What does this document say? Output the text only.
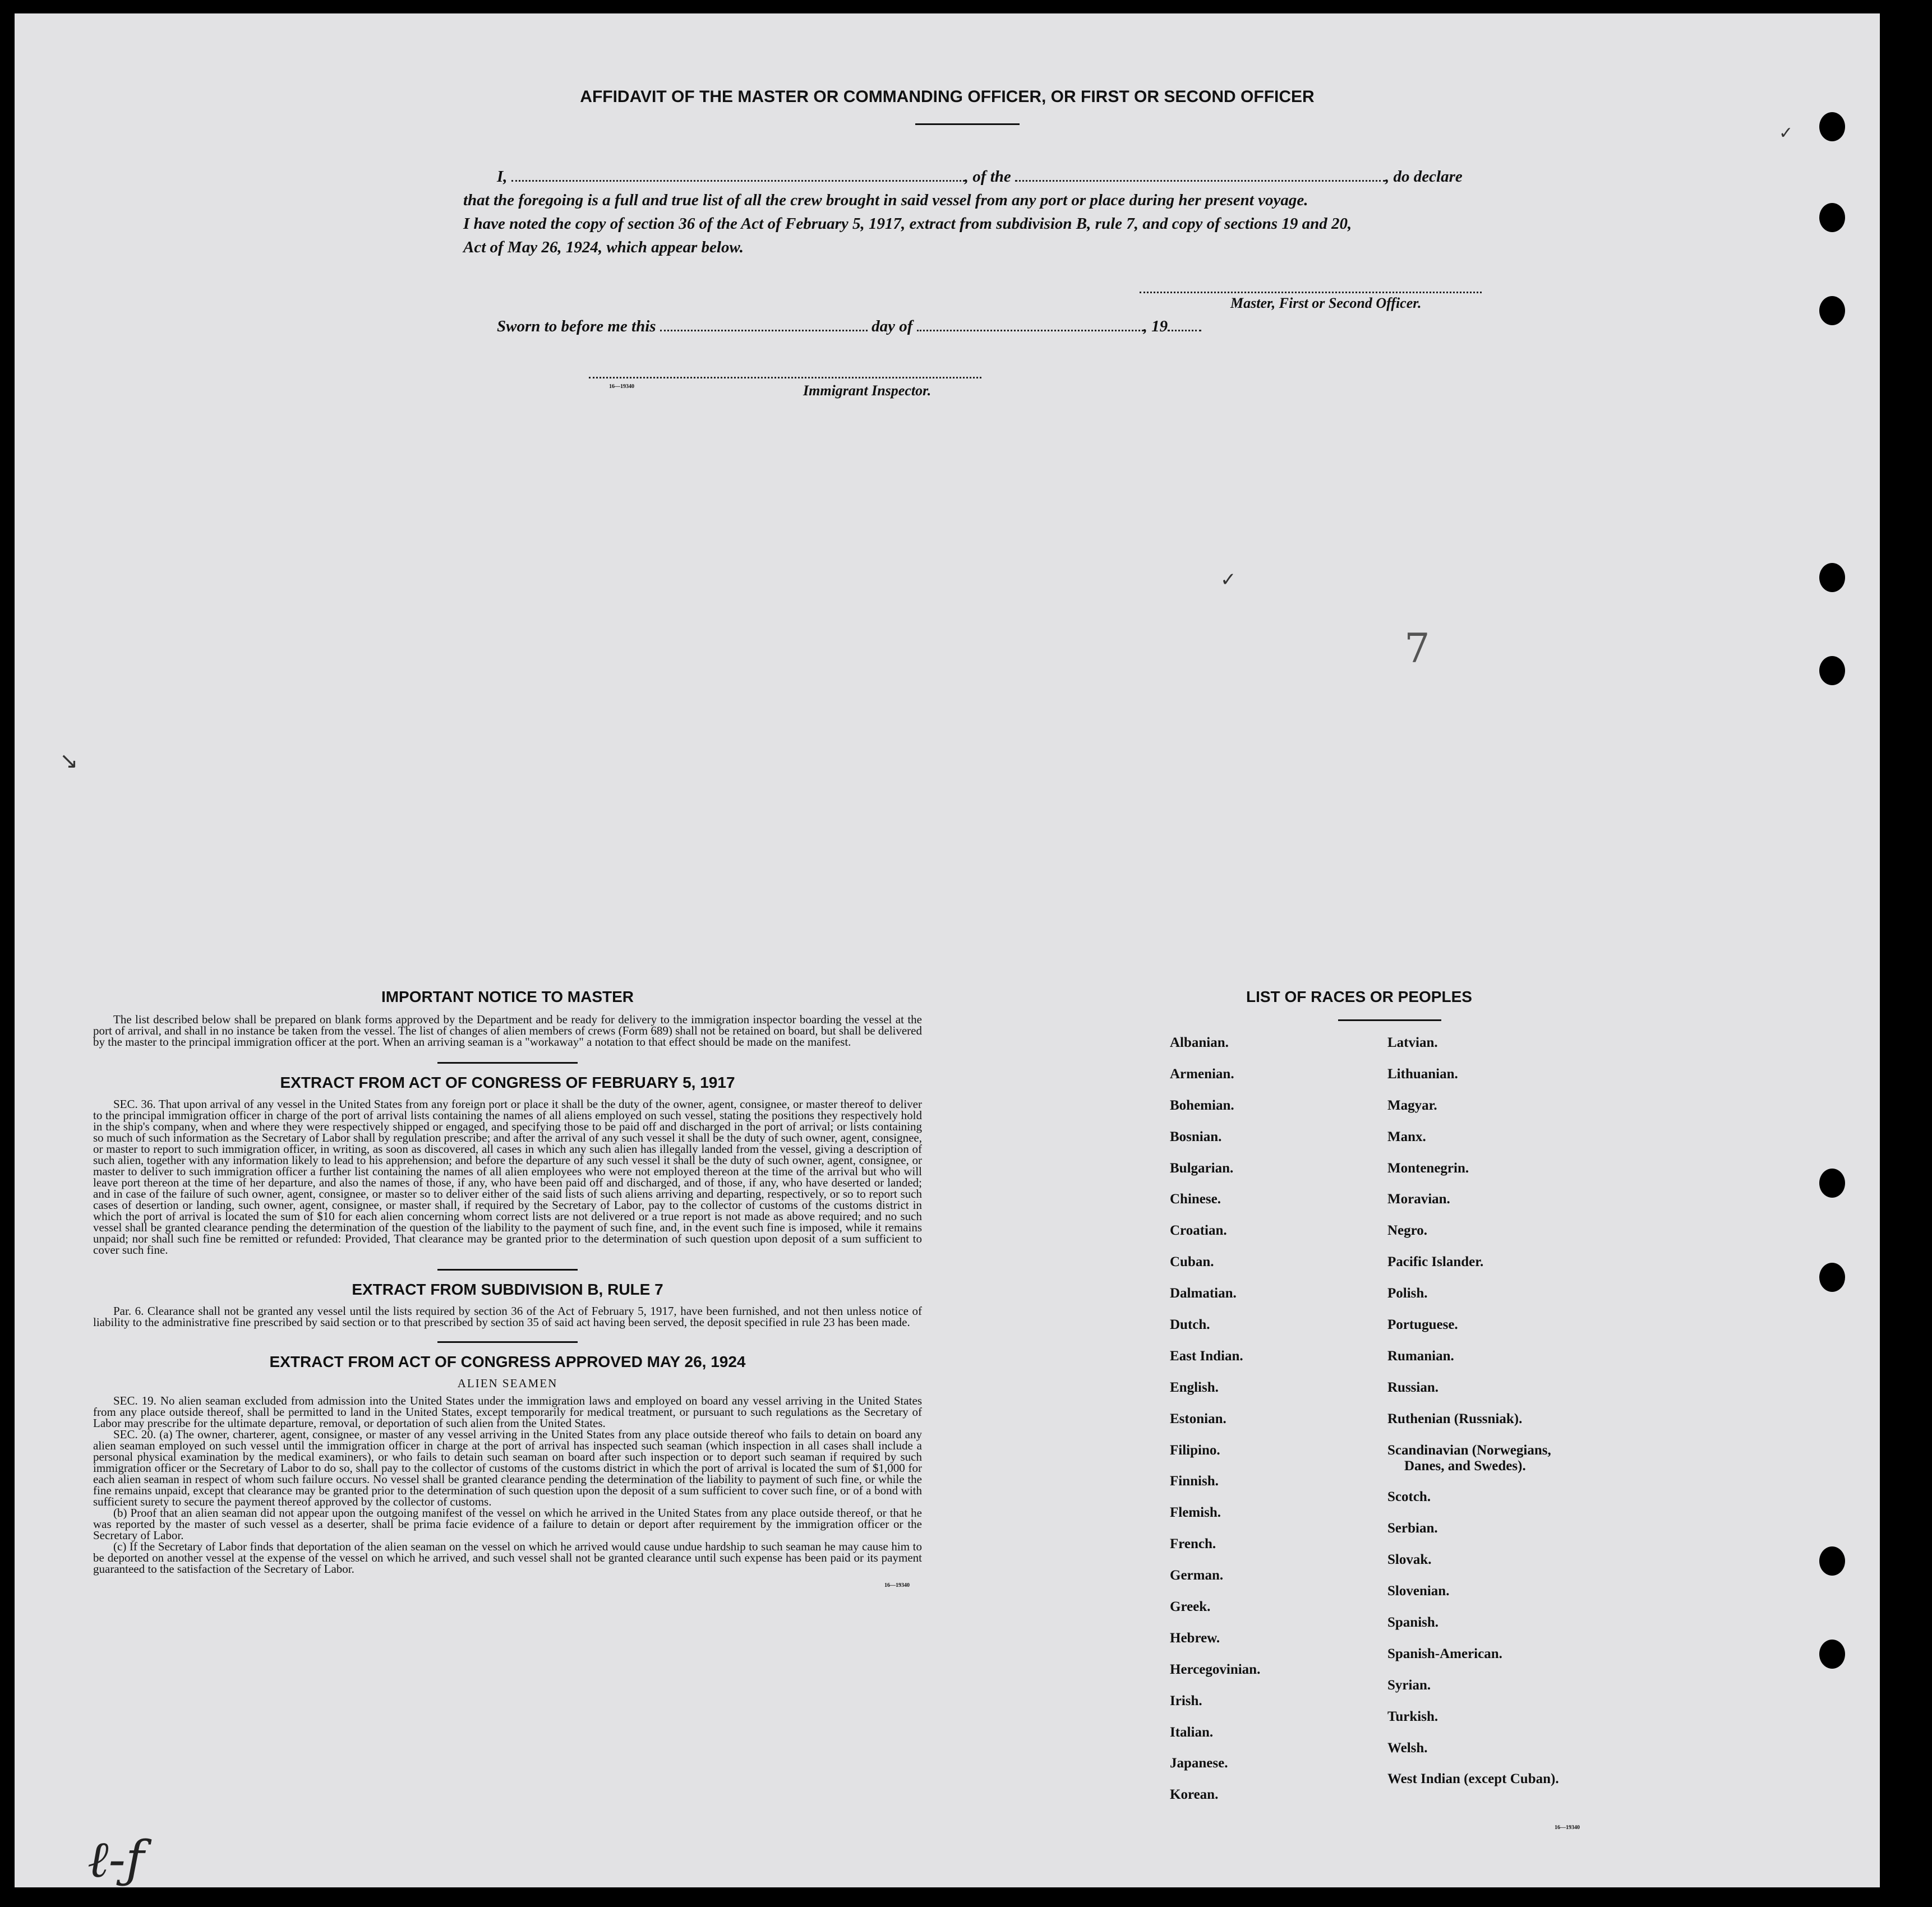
AFFIDAVIT OF THE MASTER OR COMMANDING OFFICER, OR FIRST OR SECOND OFFICER
I,	, of the	, do declare
that the foregoing is a full and true list of all the crew brought in said vessel from any port or place during her present voyage.
I have noted the copy of section 36 of the Act of February 5, 1917, extract from subdivision B, rule 7, and copy of sections 19 and 20,
Act of May 26, 1924, which appear below.
Master, First or Second Officer.
Sworn to before me this	day of	, 19
16—19340	Immigrant Inspector.
IMPORTANT NOTICE TO MASTER
The list described below shall be prepared on blank forms approved by the Department and be ready for delivery to the immigration inspector boarding the vessel at the port of arrival, and shall in no instance be taken from the vessel. The list of changes of alien members of crews (Form 689) shall not be retained on board, but shall be delivered by the master to the principal immigration officer at the port. When an arriving seaman is a "workaway" a notation to that effect should be made on the manifest.
EXTRACT FROM ACT OF CONGRESS OF FEBRUARY 5, 1917
SEC. 36. That upon arrival of any vessel in the United States from any foreign port or place it shall be the duty of the owner, agent, consignee, or master thereof to deliver to the principal immigration officer in charge of the port of arrival lists containing the names of all aliens employed on such vessel, stating the positions they respectively hold in the ship's company, when and where they were respectively shipped or engaged, and specifying those to be paid off and discharged in the port of arrival; or lists containing so much of such information as the Secretary of Labor shall by regulation prescribe; and after the arrival of any such vessel it shall be the duty of such owner, agent, consignee, or master to report to such immigration officer, in writing, as soon as discovered, all cases in which any such alien has illegally landed from the vessel, giving a description of such alien, together with any information likely to lead to his apprehension; and before the departure of any such vessel it shall be the duty of such owner, agent, consignee, or master to deliver to such immigration officer a further list containing the names of all alien employees who were not employed thereon at the time of the arrival but who will leave port thereon at the time of her departure, and also the names of those, if any, who have been paid off and discharged, and of those, if any, who have deserted or landed; and in case of the failure of such owner, agent, consignee, or master so to deliver either of the said lists of such aliens arriving and departing, respectively, or so to report such cases of desertion or landing, such owner, agent, consignee, or master shall, if required by the Secretary of Labor, pay to the collector of customs of the customs district in which the port of arrival is located the sum of $10 for each alien concerning whom correct lists are not delivered or a true report is not made as above required; and no such vessel shall be granted clearance pending the determination of the question of the liability to the payment of such fine, and, in the event such fine is imposed, while it remains unpaid; nor shall such fine be remitted or refunded: Provided, That clearance may be granted prior to the determination of such question upon deposit of a sum sufficient to cover such fine.
EXTRACT FROM SUBDIVISION B, RULE 7
Par. 6. Clearance shall not be granted any vessel until the lists required by section 36 of the Act of February 5, 1917, have been furnished, and not then unless notice of liability to the administrative fine prescribed by said section or to that prescribed by section 35 of said act having been served, the deposit specified in rule 23 has been made.
EXTRACT FROM ACT OF CONGRESS APPROVED MAY 26, 1924
ALIEN SEAMEN
SEC. 19. No alien seaman excluded from admission into the United States under the immigration laws and employed on board any vessel arriving in the United States from any place outside thereof, shall be permitted to land in the United States, except temporarily for medical treatment, or pursuant to such regulations as the Secretary of Labor may prescribe for the ultimate departure, removal, or deportation of such alien from the United States.
SEC. 20. (a) The owner, charterer, agent, consignee, or master of any vessel arriving in the United States from any place outside thereof who fails to detain on board any alien seaman employed on such vessel until the immigration officer in charge at the port of arrival has inspected such seaman (which inspection in all cases shall include a personal physical examination by the medical examiners), or who fails to detain such seaman on board after such inspection or to deport such seaman if required by such immigration officer or the Secretary of Labor to do so, shall pay to the collector of customs of the customs district in which the port of arrival is located the sum of $1,000 for each alien seaman in respect of whom such failure occurs. No vessel shall be granted clearance pending the determination of the liability to payment of such fine, or while the fine remains unpaid, except that clearance may be granted prior to the determination of such question upon the deposit of a sum sufficient to cover such fine, or of a bond with sufficient surety to secure the payment thereof approved by the collector of customs.
(b) Proof that an alien seaman did not appear upon the outgoing manifest of the vessel on which he arrived in the United States from any place outside thereof, or that he was reported by the master of such vessel as a deserter, shall be prima facie evidence of a failure to detain or deport after requirement by the immigration officer or the Secretary of Labor.
(c) If the Secretary of Labor finds that deportation of the alien seaman on the vessel on which he arrived would cause undue hardship to such seaman he may cause him to be deported on another vessel at the expense of the vessel on which he arrived, and such vessel shall not be granted clearance until such expense has been paid or its payment guaranteed to the satisfaction of the Secretary of Labor.
16—19340
LIST OF RACES OR PEOPLES
Albanian.
Armenian.
Bohemian.
Bosnian.
Bulgarian.
Chinese.
Croatian.
Cuban.
Dalmatian.
Dutch.
East Indian.
English.
Estonian.
Filipino.
Finnish.
Flemish.
French.
German.
Greek.
Hebrew.
Hercegovinian.
Irish.
Italian.
Japanese.
Korean.
Latvian.
Lithuanian.
Magyar.
Manx.
Montenegrin.
Moravian.
Negro.
Pacific Islander.
Polish.
Portuguese.
Rumanian.
Russian.
Ruthenian (Russniak).
Scandinavian (Norwegians,
Danes, and Swedes).
Scotch.
Serbian.
Slovak.
Slovenian.
Spanish.
Spanish-American.
Syrian.
Turkish.
Welsh.
West Indian (except Cuban).
16—19340
7
↘
✓
✓
ℓ-ƒ
